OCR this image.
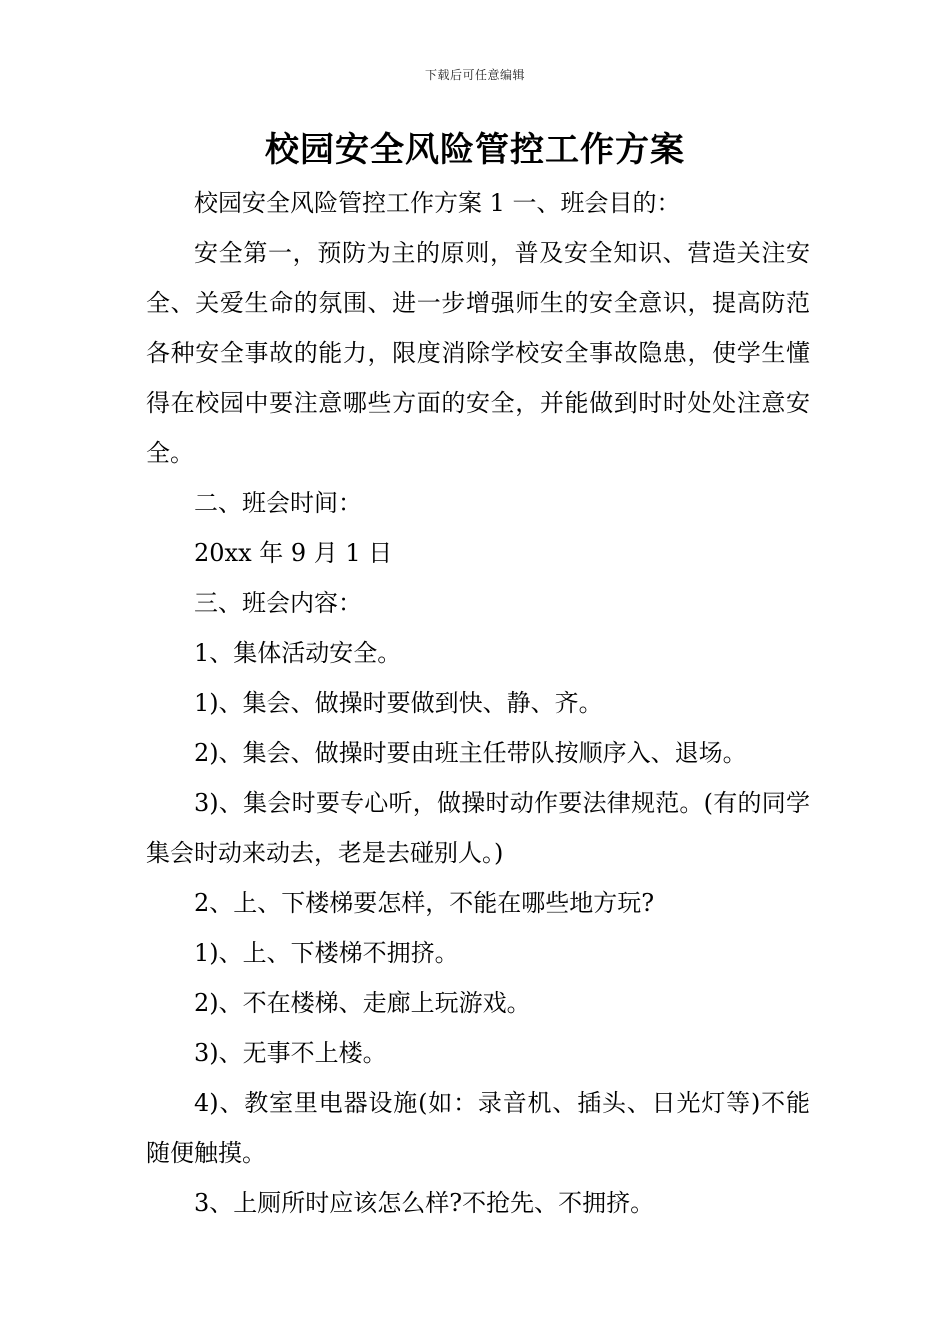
下载后可任意编辑
校园安全风险管控工作方案

校园安全风险管控工作方案 1 一、班会目的：

安全第一，预防为主的原则，普及安全知识、营造关注安全、关爱生命的氛围、进一步增强师生的安全意识，提高防范各种安全事故的能力，限度消除学校安全事故隐患，使学生懂得在校园中要注意哪些方面的安全，并能做到时时处处注意安全。

二、班会时间：

20xx 年 9 月 1 日

三、班会内容：

1、集体活动安全。

1)、集会、做操时要做到快、静、齐。

2)、集会、做操时要由班主任带队按顺序入、退场。

3)、集会时要专心听，做操时动作要法律规范。(有的同学集会时动来动去，老是去碰别人。)

2、上、下楼梯要怎样，不能在哪些地方玩?

1)、上、下楼梯不拥挤。

2)、不在楼梯、走廊上玩游戏。

3)、无事不上楼。

4)、教室里电器设施(如：录音机、插头、日光灯等)不能随便触摸。

3、上厕所时应该怎么样?不抢先、不拥挤。
